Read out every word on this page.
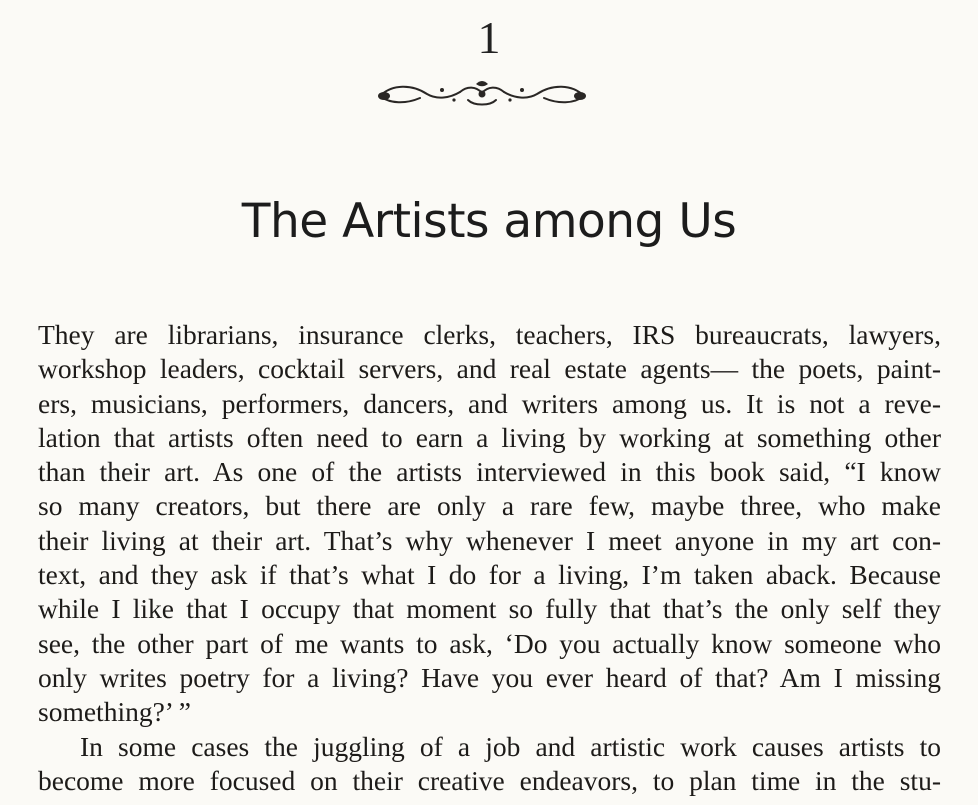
1
The Artists among Us
They are librarians, insurance clerks, teachers, IRS bureaucrats, lawyers,
workshop leaders, cocktail servers, and real estate agents— the poets, paint-
ers, musicians, performers, dancers, and writers among us. It is not a reve-
lation that artists often need to earn a living by working at something other
than their art. As one of the artists interviewed in this book said, “I know
so many creators, but there are only a rare few, maybe three, who make
their living at their art. That’s why whenever I meet anyone in my art con-
text, and they ask if that’s what I do for a living, I’m taken aback. Because
while I like that I occupy that moment so fully that that’s the only self they
see, the other part of me wants to ask, ‘Do you actually know someone who
only writes poetry for a living? Have you ever heard of that? Am I missing
something?’ ”
In some cases the juggling of a job and artistic work causes artists to
become more focused on their creative endeavors, to plan time in the stu-
